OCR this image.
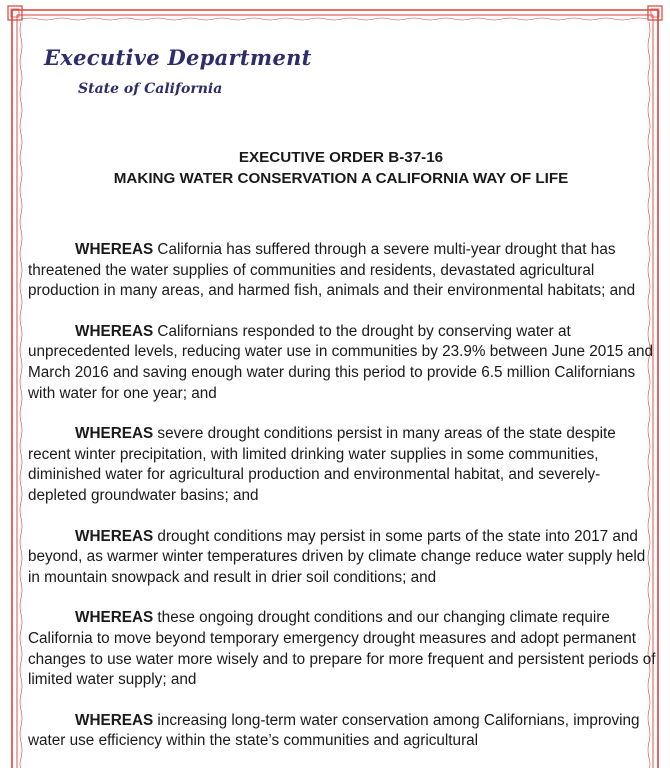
Executive Department
State of California
EXECUTIVE ORDER B-37-16
MAKING WATER CONSERVATION A CALIFORNIA WAY OF LIFE

WHEREAS California has suffered through a severe multi-year drought that has threatened the water supplies of communities and residents, devastated agricultural production in many areas, and harmed fish, animals and their environmental habitats; and

WHEREAS Californians responded to the drought by conserving water at unprecedented levels, reducing water use in communities by 23.9% between June 2015 and March 2016 and saving enough water during this period to provide 6.5 million Californians with water for one year; and

WHEREAS severe drought conditions persist in many areas of the state despite recent winter precipitation, with limited drinking water supplies in some communities, diminished water for agricultural production and environmental habitat, and severely-depleted groundwater basins; and

WHEREAS drought conditions may persist in some parts of the state into 2017 and beyond, as warmer winter temperatures driven by climate change reduce water supply held in mountain snowpack and result in drier soil conditions; and

WHEREAS these ongoing drought conditions and our changing climate require California to move beyond temporary emergency drought measures and adopt permanent changes to use water more wisely and to prepare for more frequent and persistent periods of limited water supply; and

WHEREAS increasing long-term water conservation among Californians, improving water use efficiency within the state’s communities and agricultural
